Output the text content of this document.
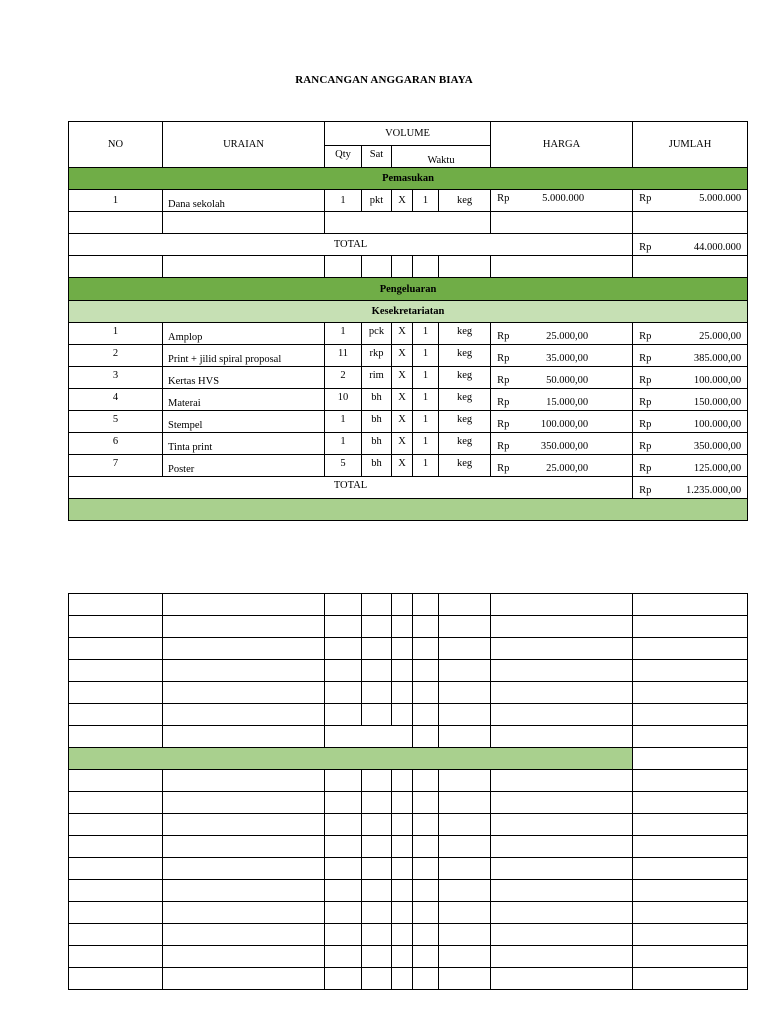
RANCANGAN ANGGARAN BIAYA
NO	URAIAN	VOLUME					HARGA	JUMLAH
		Qty	Sat	Waktu				
Pemasukan								
1	Dana sekolah	1	pkt	X	1	keg	Rp 5.000.000	Rp 5.000.000

TOTAL								Rp 44.000.000

Pengeluaran								
Kesekretariatan								
1	Amplop	1	pck	X	1	keg	Rp 25.000,00	Rp 25.000,00

2	Print + jilid spiral proposal	11	rkp	X	1	keg	Rp 35.000,00	Rp 385.000,00

3	Kertas HVS	2	rim	X	1	keg	Rp 50.000,00	Rp 100.000,00

4	Materai	10	bh	X	1	keg	Rp 15.000,00	Rp 150.000,00

5	Stempel	1	bh	X	1	keg	Rp 100.000,00	Rp 100.000,00

6	Tinta print	1	bh	X	1	keg	Rp 350.000,00	Rp 350.000,00

7	Poster	5	bh	X	1	keg	Rp 25.000,00	Rp 125.000,00

TOTAL								Rp 1.235.000,00
